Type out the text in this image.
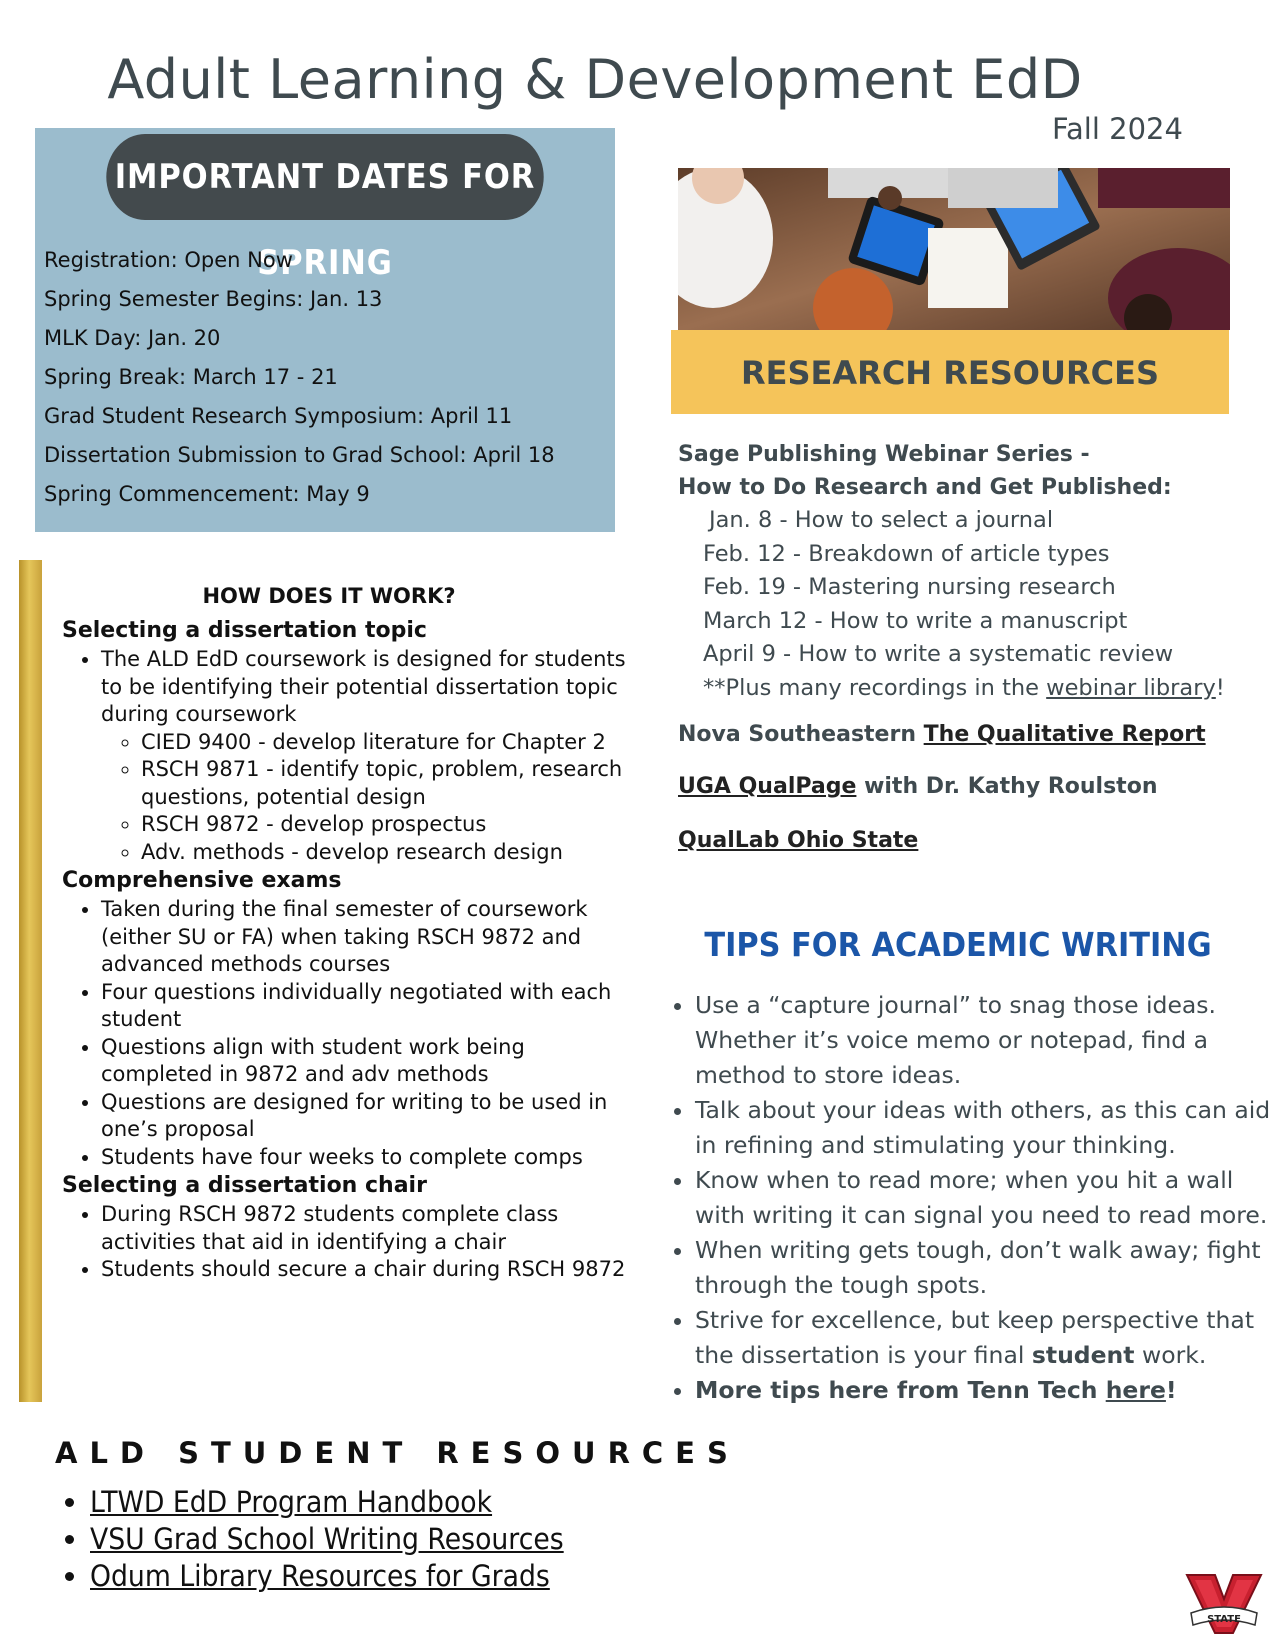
Adult Learning & Development EdD
Fall 2024
IMPORTANT DATES FOR SPRING
Registration: Open Now
Spring Semester Begins: Jan. 13
MLK Day: Jan. 20
Spring Break: March 17 - 21
Grad Student Research Symposium: April 11
Dissertation Submission to Grad School: April 18
Spring Commencement: May 9
HOW DOES IT WORK?
Selecting a dissertation topic
• The ALD EdD coursework is designed for students to be identifying their potential dissertation topic during coursework
◦ CIED 9400 - develop literature for Chapter 2
◦ RSCH 9871 - identify topic, problem, research questions, potential design
◦ RSCH 9872 - develop prospectus
◦ Adv. methods - develop research design
Comprehensive exams
• Taken during the final semester of coursework (either SU or FA) when taking RSCH 9872 and advanced methods courses
• Four questions individually negotiated with each student
• Questions align with student work being completed in 9872 and adv methods
• Questions are designed for writing to be used in one’s proposal
• Students have four weeks to complete comps
Selecting a dissertation chair
• During RSCH 9872 students complete class activities that aid in identifying a chair
• Students should secure a chair during RSCH 9872
ALD STUDENT RESOURCES
• LTWD EdD Program Handbook
• VSU Grad School Writing Resources
• Odum Library Resources for Grads
RESEARCH RESOURCES
Sage Publishing Webinar Series -
How to Do Research and Get Published:
Jan. 8 - How to select a journal
Feb. 12 - Breakdown of article types
Feb. 19 - Mastering nursing research
March 12 - How to write a manuscript
April 9 - How to write a systematic review
**Plus many recordings in the webinar library!
Nova Southeastern The Qualitative Report
UGA QualPage with Dr. Kathy Roulston
QualLab Ohio State
TIPS FOR ACADEMIC WRITING
• Use a “capture journal” to snag those ideas. Whether it’s voice memo or notepad, find a method to store ideas.
• Talk about your ideas with others, as this can aid in refining and stimulating your thinking.
• Know when to read more; when you hit a wall with writing it can signal you need to read more.
• When writing gets tough, don’t walk away; fight through the tough spots.
• Strive for excellence, but keep perspective that the dissertation is your final student work.
• More tips here from Tenn Tech here!
STATE
